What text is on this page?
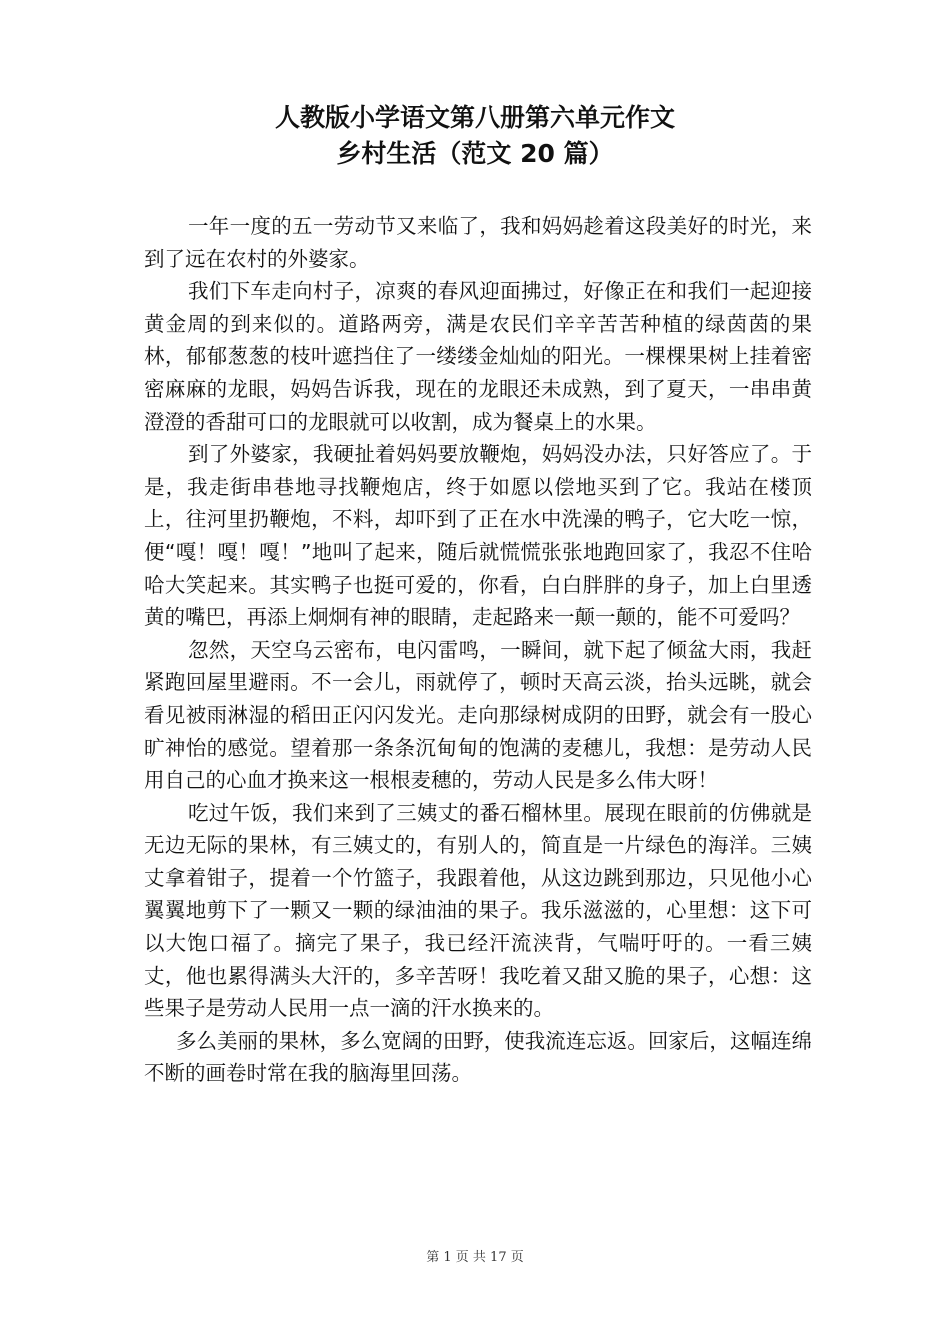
人教版小学语文第八册第六单元作文

乡村生活（范文 20 篇）

一年一度的五一劳动节又来临了，我和妈妈趁着这段美好的时光，来到了远在农村的外婆家。

我们下车走向村子，凉爽的春风迎面拂过，好像正在和我们一起迎接黄金周的到来似的。道路两旁，满是农民们辛辛苦苦种植的绿茵茵的果林，郁郁葱葱的枝叶遮挡住了一缕缕金灿灿的阳光。一棵棵果树上挂着密密麻麻的龙眼，妈妈告诉我，现在的龙眼还未成熟，到了夏天，一串串黄澄澄的香甜可口的龙眼就可以收割，成为餐桌上的水果。

到了外婆家，我硬扯着妈妈要放鞭炮，妈妈没办法，只好答应了。于是，我走街串巷地寻找鞭炮店，终于如愿以偿地买到了它。我站在楼顶上，往河里扔鞭炮，不料，却吓到了正在水中洗澡的鸭子，它大吃一惊，便“嘎！嘎！嘎！”地叫了起来，随后就慌慌张张地跑回家了，我忍不住哈哈大笑起来。其实鸭子也挺可爱的，你看，白白胖胖的身子，加上白里透黄的嘴巴，再添上炯炯有神的眼睛，走起路来一颠一颠的，能不可爱吗？

忽然，天空乌云密布，电闪雷鸣，一瞬间，就下起了倾盆大雨，我赶紧跑回屋里避雨。不一会儿，雨就停了，顿时天高云淡，抬头远眺，就会看见被雨淋湿的稻田正闪闪发光。走向那绿树成阴的田野，就会有一股心旷神怡的感觉。望着那一条条沉甸甸的饱满的麦穗儿，我想：是劳动人民用自己的心血才换来这一根根麦穗的，劳动人民是多么伟大呀！

吃过午饭，我们来到了三姨丈的番石榴林里。展现在眼前的仿佛就是无边无际的果林，有三姨丈的，有别人的，简直是一片绿色的海洋。三姨丈拿着钳子，提着一个竹篮子，我跟着他，从这边跳到那边，只见他小心翼翼地剪下了一颗又一颗的绿油油的果子。我乐滋滋的，心里想：这下可以大饱口福了。摘完了果子，我已经汗流浃背，气喘吁吁的。一看三姨丈，他也累得满头大汗的，多辛苦呀！我吃着又甜又脆的果子，心想：这些果子是劳动人民用一点一滴的汗水换来的。

多么美丽的果林，多么宽阔的田野，使我流连忘返。回家后，这幅连绵不断的画卷时常在我的脑海里回荡。

第 1 页 共 17 页
